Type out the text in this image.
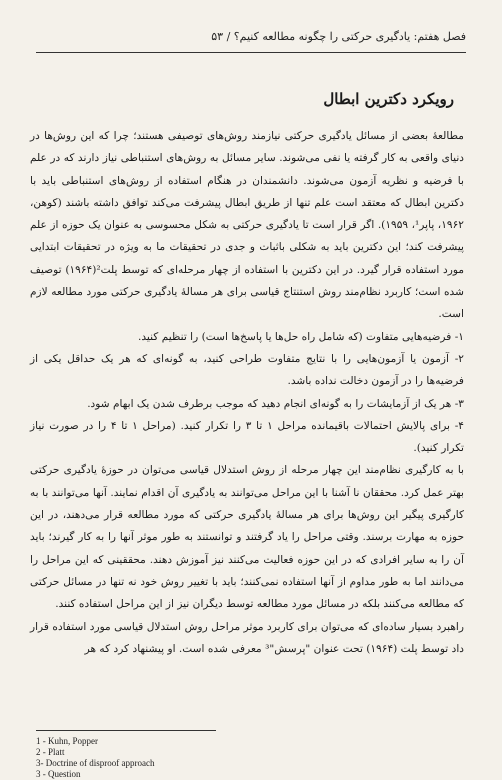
فصل هفتم: یادگیری حرکتی را چگونه مطالعه کنیم؟ / ۵۳
رویکرد دکترین ابطال

مطالعهٔ بعضی از مسائل یادگیری حرکتی نیازمند روش‌های توصیفی هستند؛ چرا که این روش‌ها در دنیای واقعی به کار گرفته یا نفی می‌شوند. سایر مسائل به روش‌های استنباطی نیاز دارند که در علم با فرضیه و نظریه آزمون می‌شوند. دانشمندان در هنگام استفاده از روش‌های استنباطی باید با دکترین ابطال که معتقد است علم تنها از طریق ابطال پیشرفت می‌کند توافق داشته باشند (کوهن، ۱۹۶۲، پاپر¹، ۱۹۵۹). اگر قرار است تا یادگیری حرکتی به شکل محسوسی به عنوان یک حوزه از علم پیشرفت کند؛ این دکترین باید به شکلی باثبات و جدی در تحقیقات ما به ویژه در تحقیقات ابتدایی مورد استفاده قرار گیرد. در این دکترین با استفاده از چهار مرحله‌ای که توسط پلت²(۱۹۶۴) توصیف شده است؛ کاربرد نظام‌مند روش استنتاج قیاسی برای هر مسالهٔ یادگیری حرکتی مورد مطالعه لازم است.

۱- فرضیه‌هایی متفاوت (که شامل راه حل‌ها یا پاسخ‌ها است) را تنظیم کنید.

۲- آزمون یا آزمون‌هایی را با نتایج متفاوت طراحی کنید، به گونه‌ای که هر یک حداقل یکی از فرضیه‌ها را در آزمون دخالت نداده باشد.

۳- هر یک از آزمایشات را به گونه‌ای انجام دهید که موجب برطرف شدن یک ابهام شود.

۴- برای پالایش احتمالات باقیمانده مراحل ۱ تا ۳ را تکرار کنید. (مراحل ۱ تا ۴ را در صورت نیاز تکرار کنید).

با به کارگیری نظام‌مند این چهار مرحله از روش استدلال قیاسی می‌توان در حوزهٔ یادگیری حرکتی بهتر عمل کرد. محققان نا آشنا با این مراحل می‌توانند به یادگیری آن اقدام نمایند. آنها می‌توانند با به کارگیری پیگیر این روش‌ها برای هر مسالهٔ یادگیری حرکتی که مورد مطالعه قرار می‌دهند، در این حوزه به مهارت برسند. وقتی مراحل را یاد گرفتند و توانستند به طور موثر آنها را به کار گیرند؛ باید آن را به سایر افرادی که در این حوزه فعالیت می‌کنند نیز آموزش دهند. محققینی که این مراحل را می‌دانند اما به طور مداوم از آنها استفاده نمی‌کنند؛ باید با تغییر روش خود نه تنها در مسائل حرکتی که مطالعه می‌کنند بلکه در مسائل مورد مطالعه توسط دیگران نیز از این مراحل استفاده کنند.

راهبرد بسیار ساده‌ای که می‌توان برای کاربرد موثر مراحل روش استدلال قیاسی مورد استفاده قرار داد توسط پلت (۱۹۶۴) تحت عنوان "پرسش"³ معرفی شده است. او پیشنهاد کرد که هر

1 - Kuhn, Popper
2 - Platt
3- Doctrine of disproof approach
3 - Question
